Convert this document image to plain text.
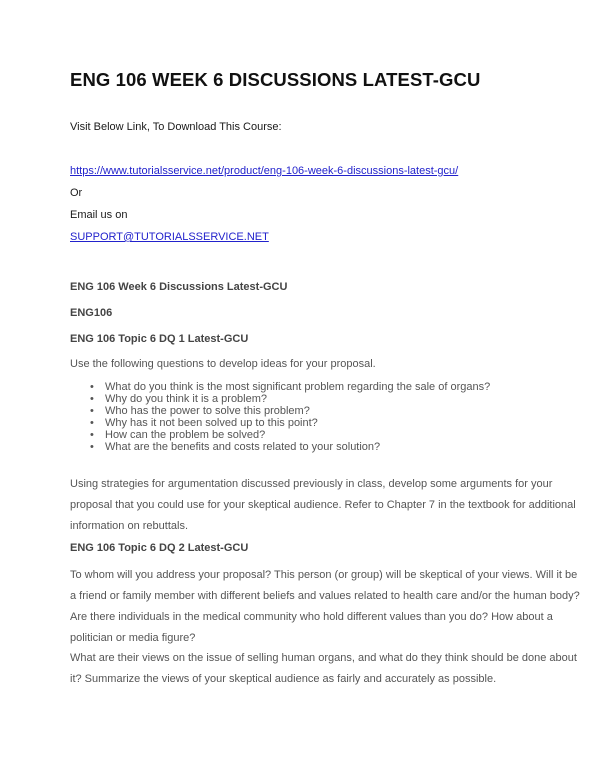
ENG 106 WEEK 6 DISCUSSIONS LATEST-GCU

Visit Below Link, To Download This Course:

https://www.tutorialsservice.net/product/eng-106-week-6-discussions-latest-gcu/

Or

Email us on

SUPPORT@TUTORIALSSERVICE.NET

ENG 106 Week 6 Discussions Latest-GCU

ENG106

ENG 106 Topic 6 DQ 1 Latest-GCU

Use the following questions to develop ideas for your proposal.

• What do you think is the most significant problem regarding the sale of organs?
• Why do you think it is a problem?
• Who has the power to solve this problem?
• Why has it not been solved up to this point?
• How can the problem be solved?
• What are the benefits and costs related to your solution?
Using strategies for argumentation discussed previously in class, develop some arguments for your
proposal that you could use for your skeptical audience. Refer to Chapter 7 in the textbook for additional
information on rebuttals.

ENG 106 Topic 6 DQ 2 Latest-GCU

To whom will you address your proposal? This person (or group) will be skeptical of your views. Will it be
a friend or family member with different beliefs and values related to health care and/or the human body?
Are there individuals in the medical community who hold different values than you do? How about a
politician or media figure?
What are their views on the issue of selling human organs, and what do they think should be done about
it? Summarize the views of your skeptical audience as fairly and accurately as possible.
